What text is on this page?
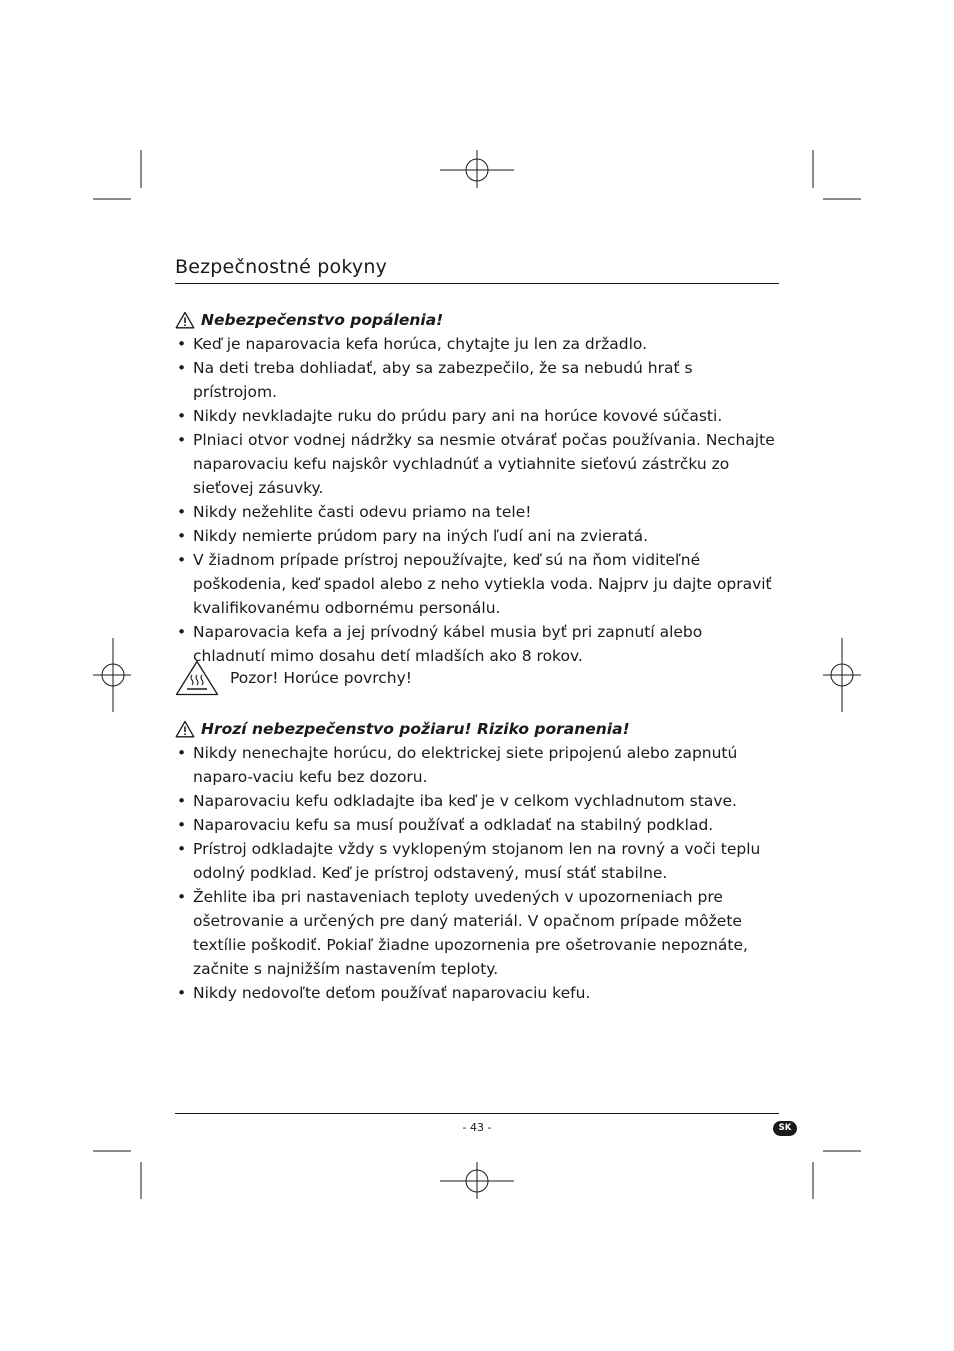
Bezpečnostné pokyny
Nebezpečenstvo popálenia!
• Keď je naparovacia kefa horúca, chytajte ju len za držadlo.
• Na deti treba dohliadať, aby sa zabezpečilo, že sa nebudú hrať s prístrojom.
• Nikdy nevkladajte ruku do prúdu pary ani na horúce kovové súčasti.
• Plniaci otvor vodnej nádržky sa nesmie otvárať počas používania. Nechajte naparovaciu kefu najskôr vychladnúť a vytiahnite sieťovú zástrčku zo sieťovej zásuvky.
• Nikdy nežehlite časti odevu priamo na tele!
• Nikdy nemierte prúdom pary na iných ľudí ani na zvieratá.
• V žiadnom prípade prístroj nepoužívajte, keď sú na ňom viditeľné poškodenia, keď spadol alebo z neho vytiekla voda. Najprv ju dajte opraviť kvalifikovanému odbornému personálu.
• Naparovacia kefa a jej prívodný kábel musia byť pri zapnutí alebo chladnutí mimo dosahu detí mladších ako 8 rokov.
Pozor! Horúce povrchy!
Hrozí nebezpečenstvo požiaru! Riziko poranenia!
• Nikdy nenechajte horúcu, do elektrickej siete pripojenú alebo zapnutú naparo-vaciu kefu bez dozoru.
• Naparovaciu kefu odkladajte iba keď je v celkom vychladnutom stave.
• Naparovaciu kefu sa musí používať a odkladať na stabilný podklad.
• Prístroj odkladajte vždy s vyklopeným stojanom len na rovný a voči teplu odolný podklad. Keď je prístroj odstavený, musí stáť stabilne.
• Žehlite iba pri nastaveniach teploty uvedených v upozorneniach pre ošetrovanie a určených pre daný materiál. V opačnom prípade môžete textílie poškodiť. Pokiaľ žiadne upozornenia pre ošetrovanie nepoznáte, začnite s najnižším nastavením teploty.
• Nikdy nedovoľte deťom používať naparovaciu kefu.
- 43 -	SK
